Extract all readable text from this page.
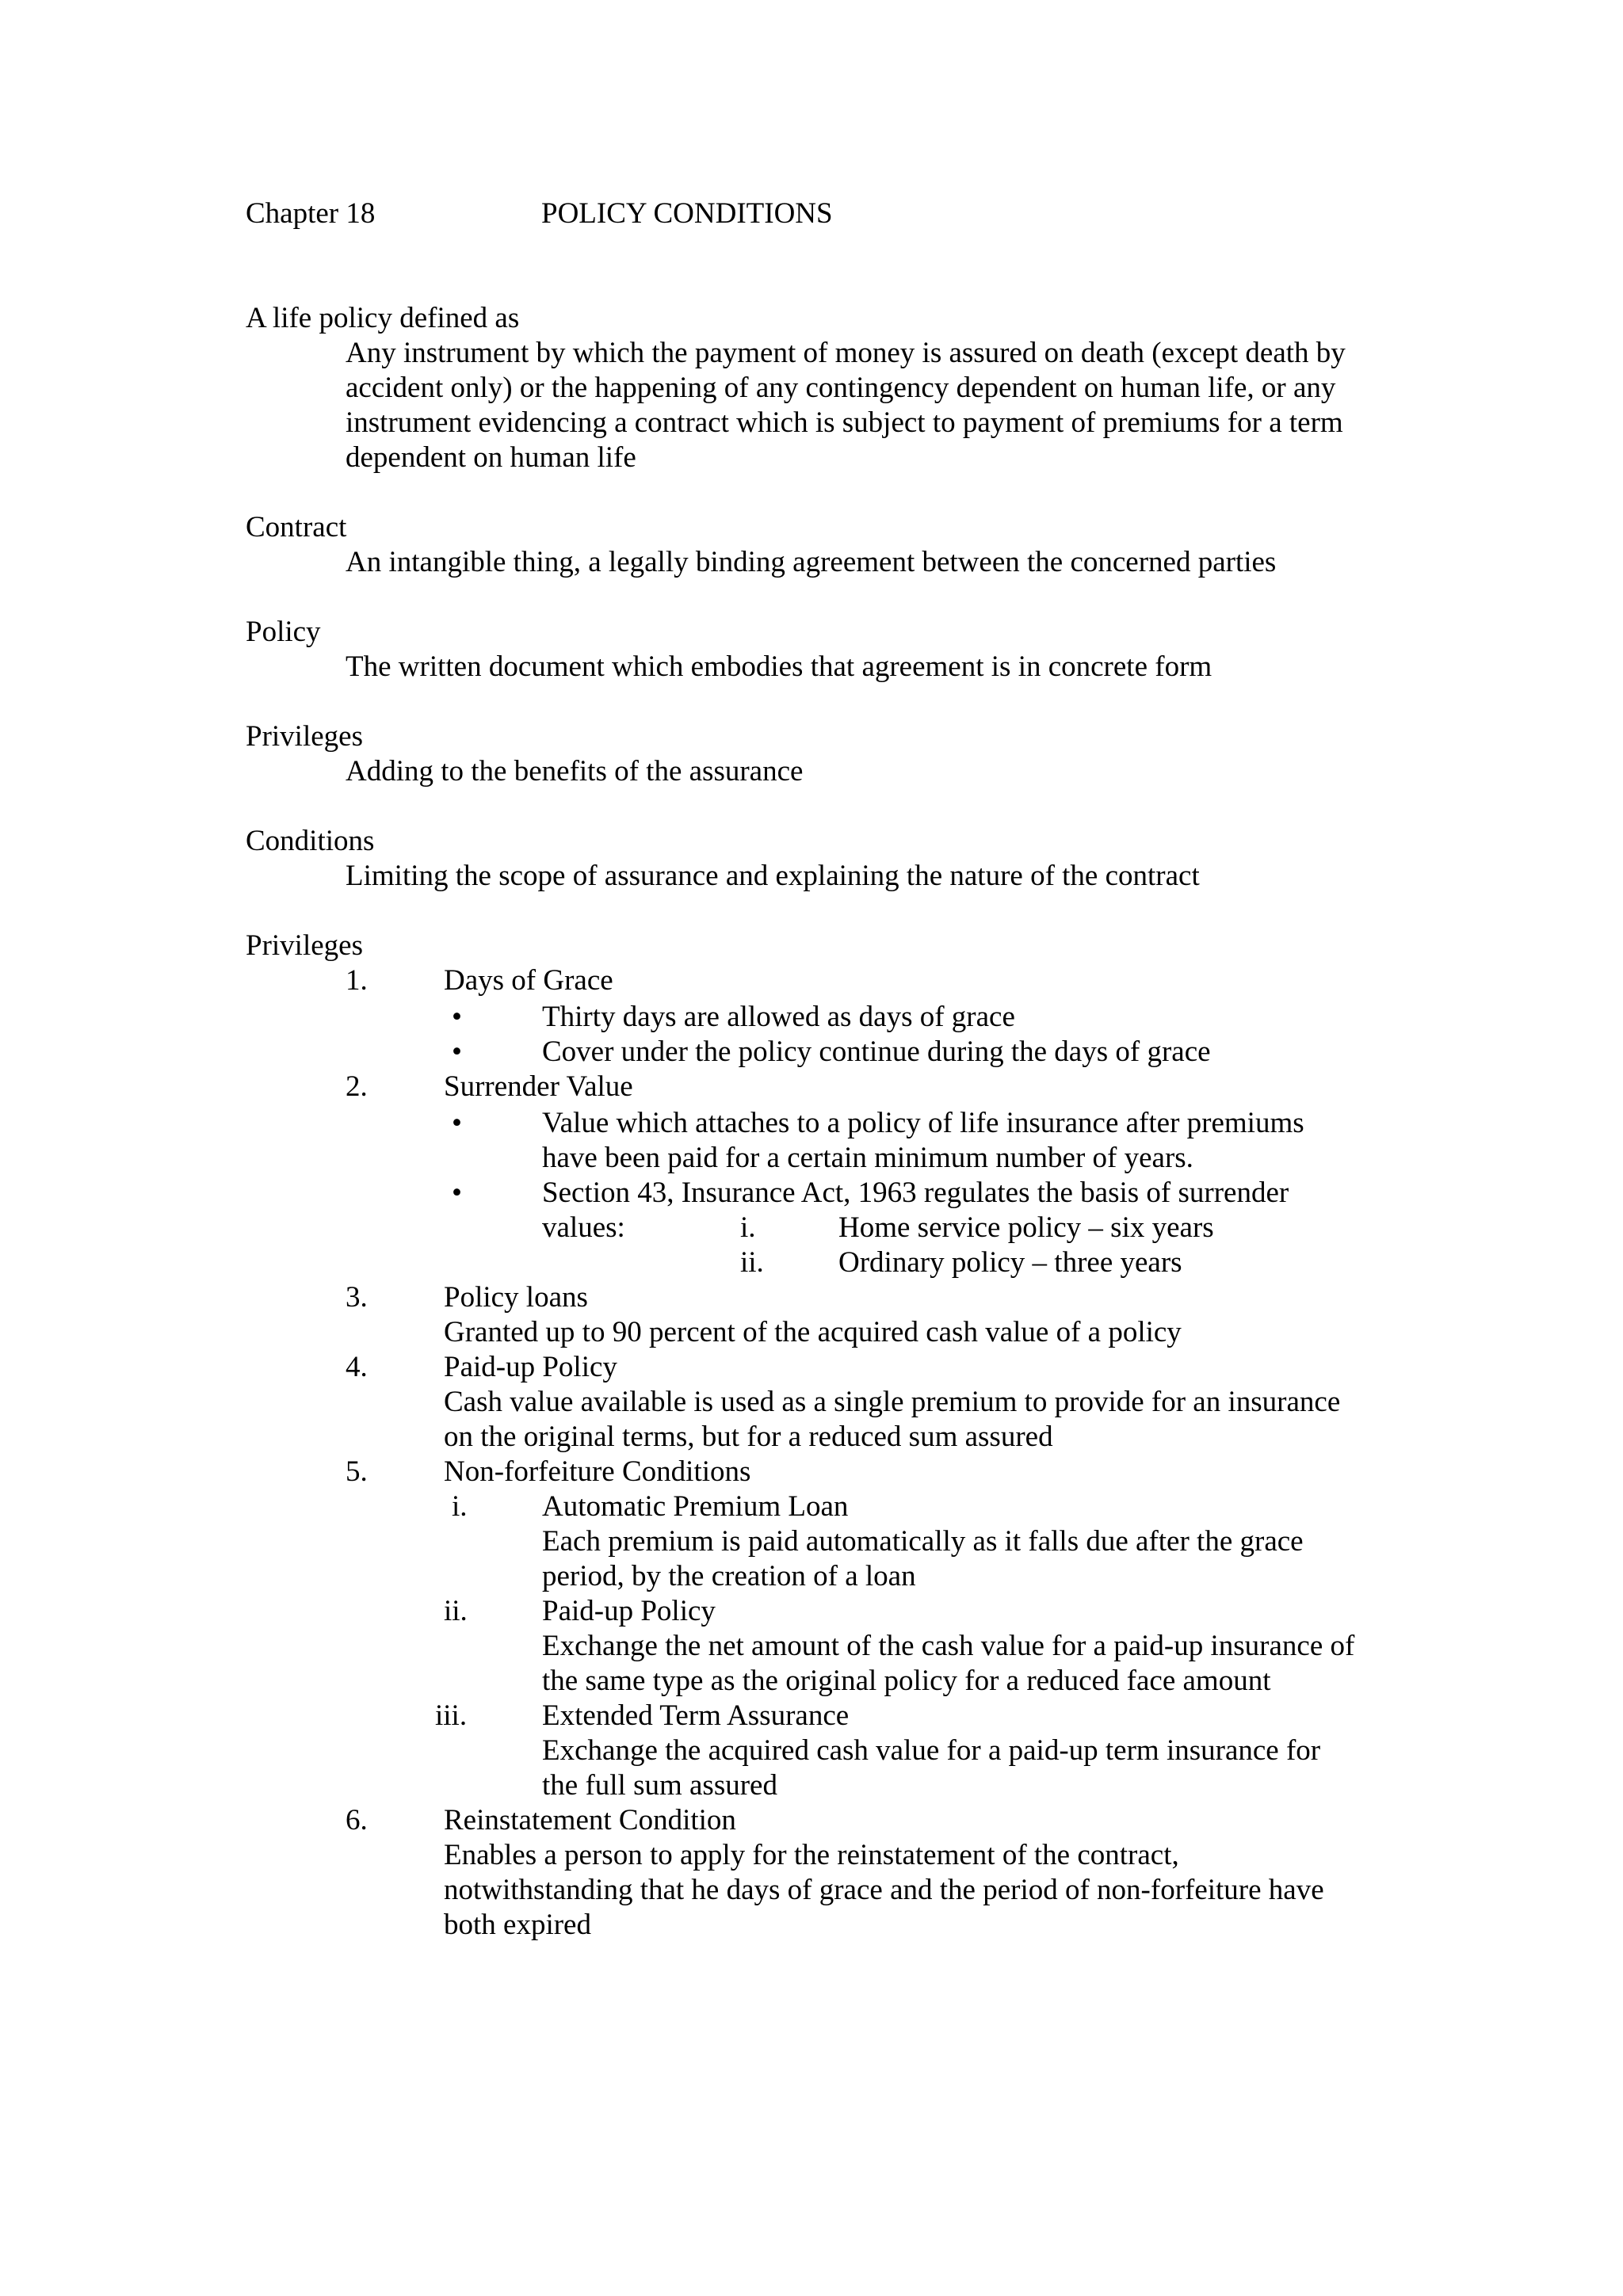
Chapter 18	POLICY CONDITIONS
A life policy defined as
Any instrument by which the payment of money is assured on death (except death by
accident only) or the happening of any contingency dependent on human life, or any
instrument evidencing a contract which is subject to payment of premiums for a term
dependent on human life
Contract
An intangible thing, a legally binding agreement between the concerned parties
Policy
The written document which embodies that agreement is in concrete form
Privileges
Adding to the benefits of the assurance
Conditions
Limiting the scope of assurance and explaining the nature of the contract
Privileges
1.	Days of Grace
•	Thirty days are allowed as days of grace
•	Cover under the policy continue during the days of grace
2.	Surrender Value
•	Value which attaches to a policy of life insurance after premiums
have been paid for a certain minimum number of years.
•	Section 43, Insurance Act, 1963 regulates the basis of surrender
values:	i.	Home service policy – six years
ii.	Ordinary policy – three years
3.	Policy loans
Granted up to 90 percent of the acquired cash value of a policy
4.	Paid-up Policy
Cash value available is used as a single premium to provide for an insurance
on the original terms, but for a reduced sum assured
5.	Non-forfeiture Conditions
i.	Automatic Premium Loan
Each premium is paid automatically as it falls due after the grace
period, by the creation of a loan
ii.	Paid-up Policy
Exchange the net amount of the cash value for a paid-up insurance of
the same type as the original policy for a reduced face amount
iii.	Extended Term Assurance
Exchange the acquired cash value for a paid-up term insurance for
the full sum assured
6.	Reinstatement Condition
Enables a person to apply for the reinstatement of the contract,
notwithstanding that he days of grace and the period of non-forfeiture have
both expired
